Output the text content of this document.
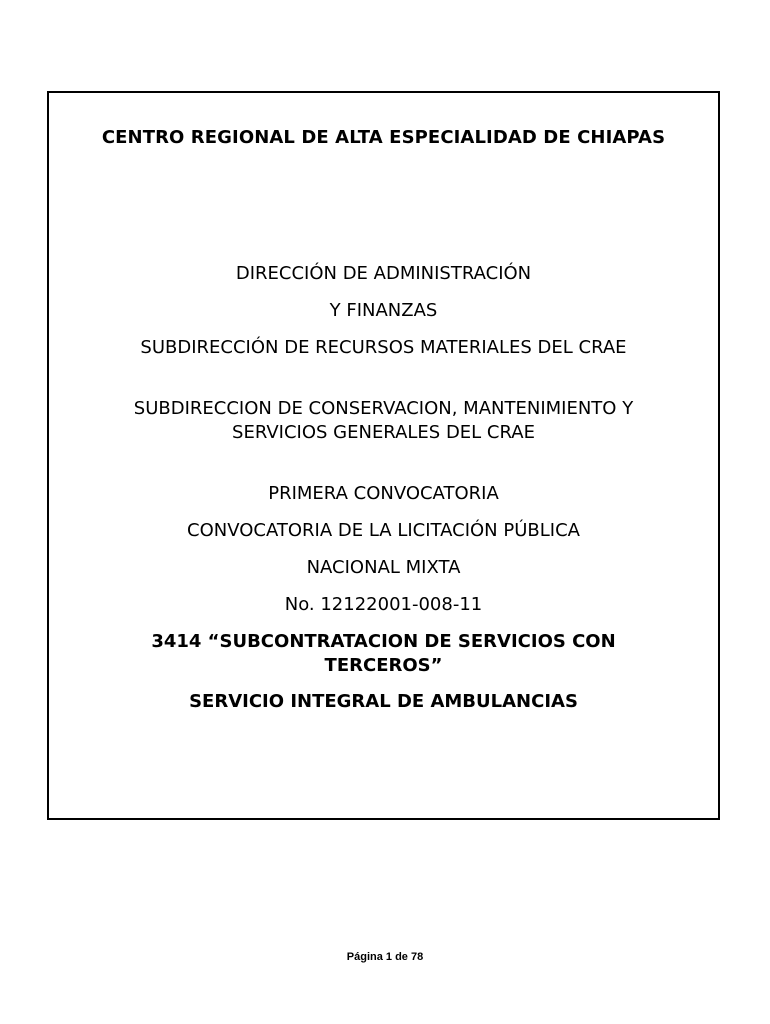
CENTRO REGIONAL DE ALTA ESPECIALIDAD DE CHIAPAS
DIRECCIÓN DE ADMINISTRACIÓN
Y FINANZAS
SUBDIRECCIÓN DE RECURSOS MATERIALES DEL CRAE
SUBDIRECCION DE CONSERVACION, MANTENIMIENTO Y SERVICIOS GENERALES DEL CRAE
PRIMERA CONVOCATORIA
CONVOCATORIA DE LA LICITACIÓN PÚBLICA
NACIONAL MIXTA
No. 12122001-008-11
3414 “SUBCONTRATACION DE SERVICIOS CON TERCEROS”
SERVICIO INTEGRAL DE AMBULANCIAS
Página 1 de 78
